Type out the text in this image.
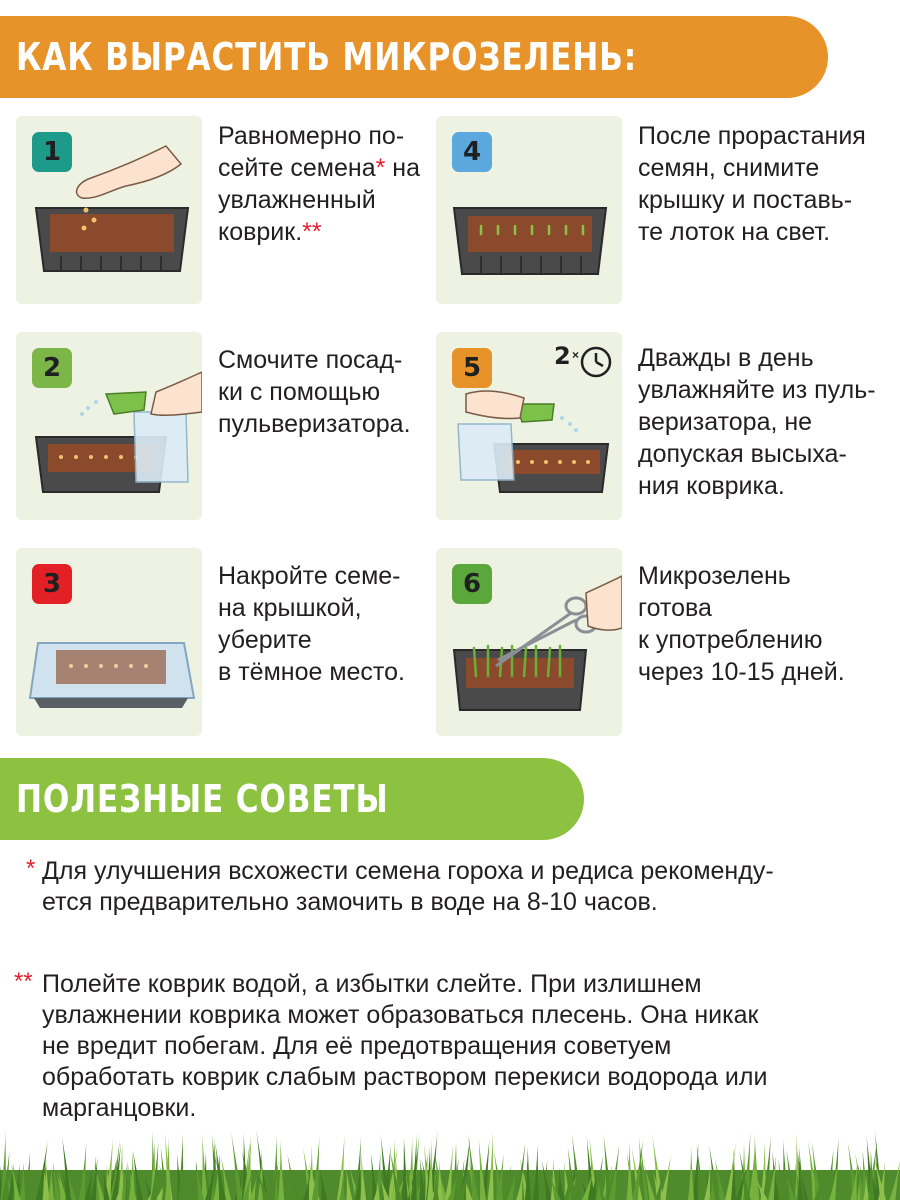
КАК ВЫРАСТИТЬ МИКРОЗЕЛЕНЬ:
1
Равномерно по-
сейте семена* на
увлажненный
коврик.**
2	Смочите посад-
ки с помощью
пульверизатора.
3	Накройте семе-
на крышкой,
уберите
в тёмное место.
4
После прорастания
семян, снимите
крышку и поставь-
те лоток на свет.
5	2 × Дважды в день
увлажняйте из пуль-
веризатора, не
допуская высыха-
ния коврика.
6	Микрозелень
готова
к употреблению
через 10-15 дней.
ПОЛЕЗНЫЕ СОВЕТЫ
* Для улучшения всхожести семена гороха и редиса рекоменду-
ется предварительно замочить в воде на 8-10 часов.
** Полейте коврик водой, а избытки слейте. При излишнем
увлажнении коврика может образоваться плесень. Она никак
не вредит побегам. Для её предотвращения советуем
обработать коврик слабым раствором перекиси водорода или
марганцовки.
